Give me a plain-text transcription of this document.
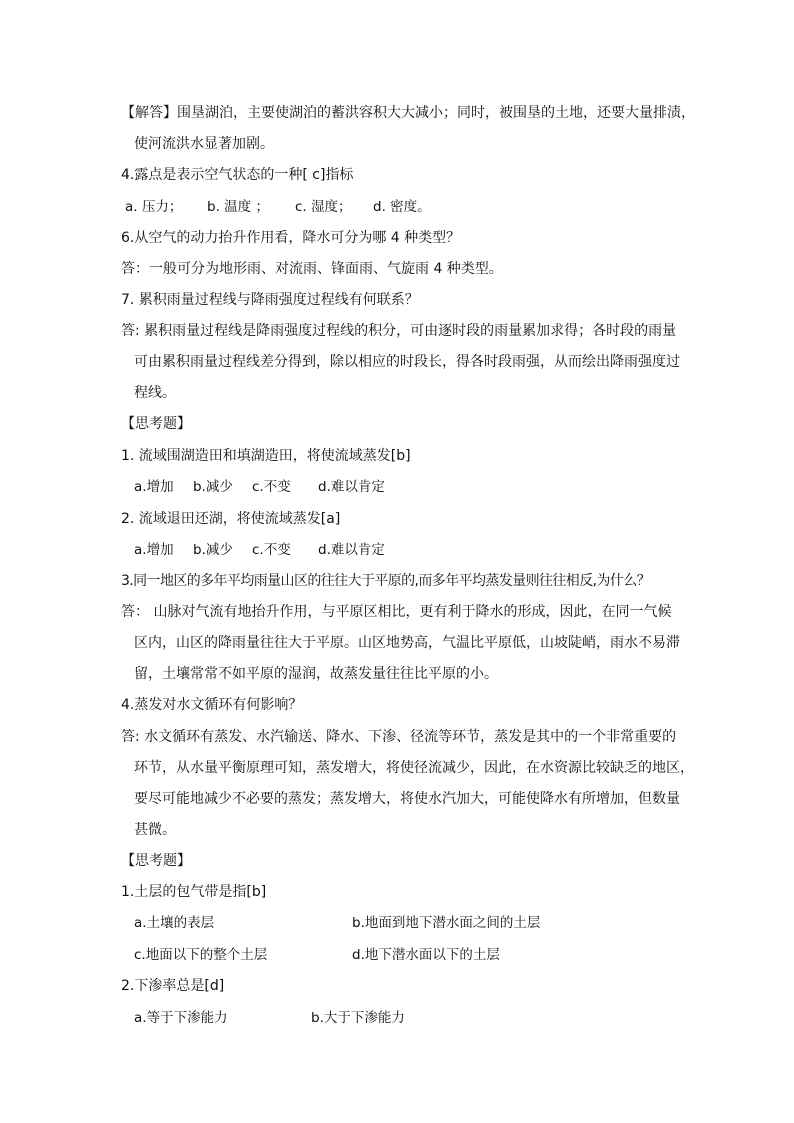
【解答】围垦湖泊，主要使湖泊的蓄洪容积大大减小；同时，被围垦的土地，还要大量排渍，
使河流洪水显著加剧。
4.露点是表示空气状态的一种[ c]指标
a. 压力； b. 温度 ； c. 湿度； d. 密度。
6.从空气的动力抬升作用看，降水可分为哪 4 种类型？
答：一般可分为地形雨、对流雨、锋面雨、气旋雨 4 种类型。
7. 累积雨量过程线与降雨强度过程线有何联系？
答: 累积雨量过程线是降雨强度过程线的积分，可由逐时段的雨量累加求得；各时段的雨量
可由累积雨量过程线差分得到，除以相应的时段长，得各时段雨强，从而绘出降雨强度过
程线。
【思考题】
1. 流域围湖造田和填湖造田，将使流域蒸发[b]
a.增加 b.减少 c.不变 d.难以肯定
2. 流域退田还湖，将使流域蒸发[a]
a.增加 b.减少 c.不变 d.难以肯定
3.同一地区的多年平均雨量山区的往往大于平原的,而多年平均蒸发量则往往相反,为什么？
答： 山脉对气流有地抬升作用，与平原区相比，更有利于降水的形成，因此，在同一气候
区内，山区的降雨量往往大于平原。山区地势高，气温比平原低，山坡陡峭，雨水不易滞
留，土壤常常不如平原的湿润，故蒸发量往往比平原的小。
4.蒸发对水文循环有何影响？
答: 水文循环有蒸发、水汽输送、降水、下渗、径流等环节，蒸发是其中的一个非常重要的
环节，从水量平衡原理可知，蒸发增大，将使径流减少，因此，在水资源比较缺乏的地区，
要尽可能地减少不必要的蒸发；蒸发增大，将使水汽加大，可能使降水有所增加，但数量
甚微。
【思考题】
1.土层的包气带是指[b]
a.土壤的表层	b.地面到地下潜水面之间的土层
c.地面以下的整个土层	d.地下潜水面以下的土层
2.下渗率总是[d]
a.等于下渗能力	b.大于下渗能力
